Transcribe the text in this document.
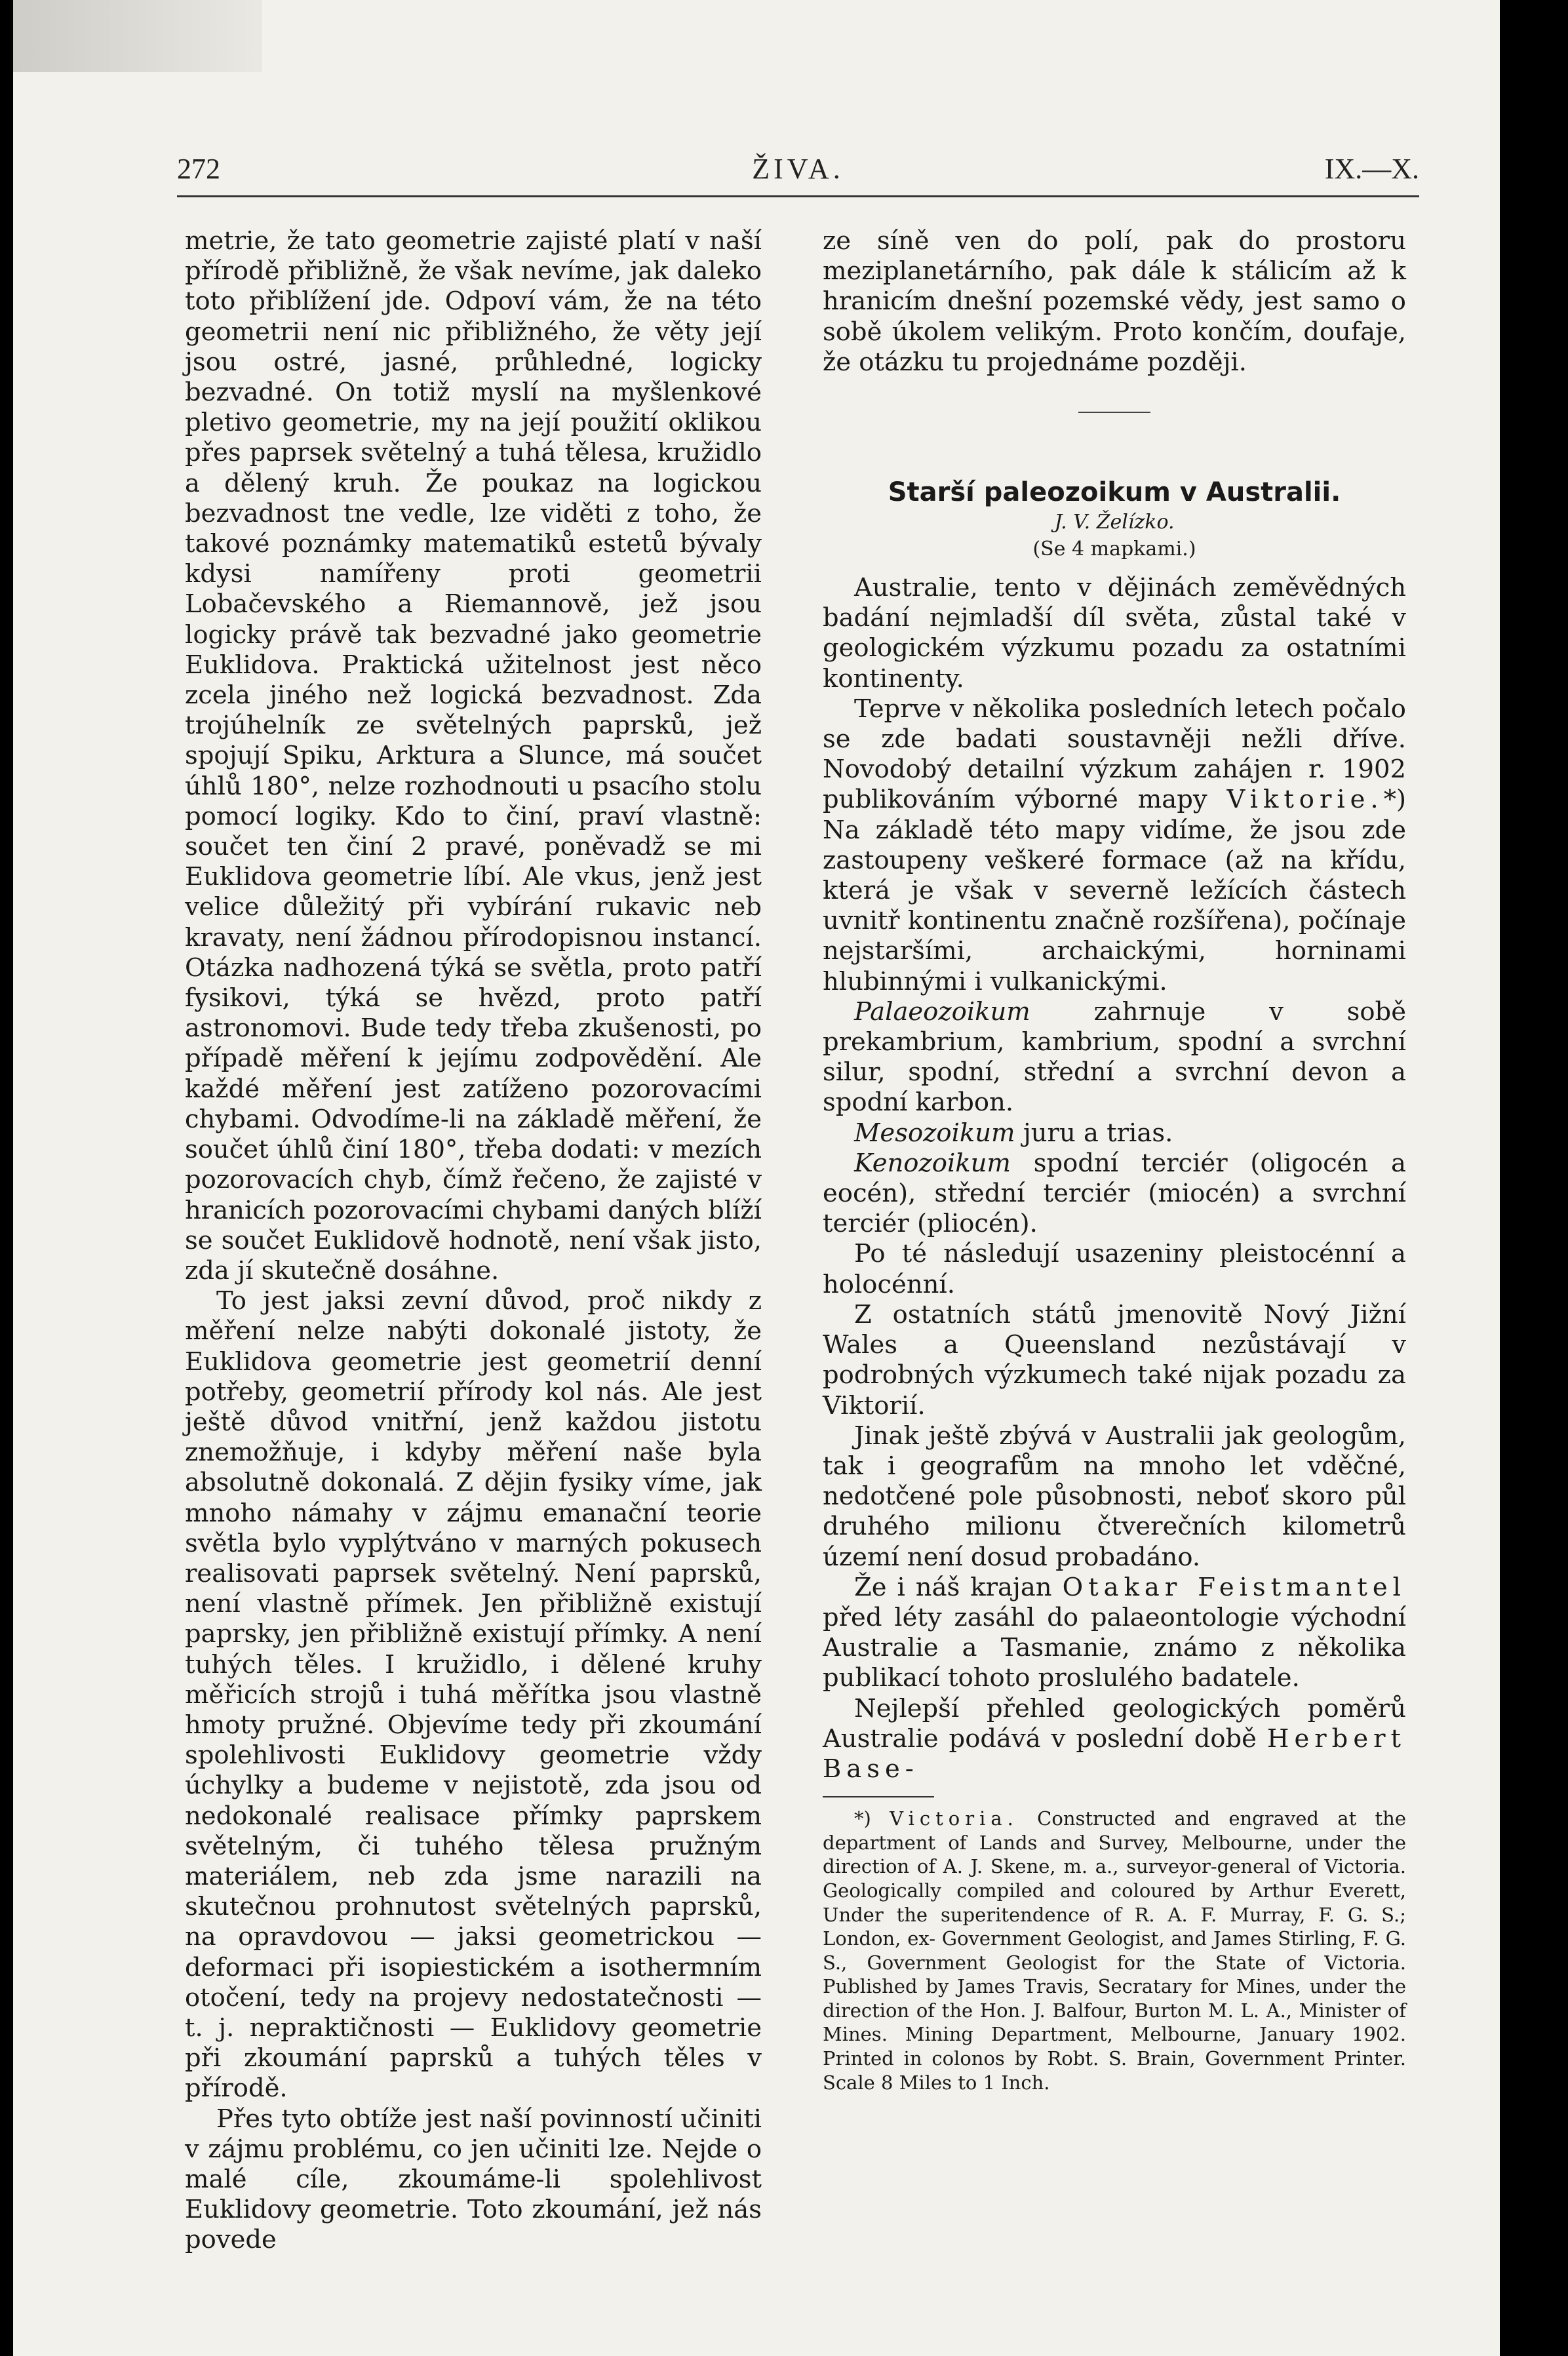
272	ŽIVA.	IX.—X.

metrie, že tato geometrie zajisté platí v naší přírodě přibližně, že však nevíme, jak daleko toto přiblížení jde. Odpoví vám, že na této geometrii není nic přibližného, že věty její jsou ostré, jasné, průhledné, logicky bezvadné. On totiž myslí na myšlenkové pletivo geometrie, my na její použití oklikou přes paprsek světelný a tuhá tělesa, kružidlo a dělený kruh. Že poukaz na logickou bezvadnost tne vedle, lze viděti z toho, že takové poznámky matematiků estetů bývaly kdysi namířeny proti geometrii Lobačevského a Riemannově, jež jsou logicky právě tak bezvadné jako geometrie Euklidova. Praktická užitelnost jest něco zcela jiného než logická bezvadnost. Zda trojúhelník ze světelných paprsků, jež spojují Spiku, Arktura a Slunce, má součet úhlů 180°, nelze rozhodnouti u psacího stolu pomocí logiky. Kdo to činí, praví vlastně: součet ten činí 2 pravé, poněvadž se mi Euklidova geometrie líbí. Ale vkus, jenž jest velice důležitý při vybírání rukavic neb kravaty, není žádnou přírodopisnou instancí. Otázka nadhozená týká se světla, proto patří fysikovi, týká se hvězd, proto patří astronomovi. Bude tedy třeba zkušenosti, po případě měření k jejímu zodpovědění. Ale každé měření jest zatíženo pozorovacími chybami. Odvodíme-li na základě měření, že součet úhlů činí 180°, třeba dodati: v mezích pozorovacích chyb, čímž řečeno, že zajisté v hranicích pozorovacími chybami daných blíží se součet Euklidově hodnotě, není však jisto, zda jí skutečně dosáhne.

To jest jaksi zevní důvod, proč nikdy z měření nelze nabýti dokonalé jistoty, že Euklidova geometrie jest geometrií denní potřeby, geometrií přírody kol nás. Ale jest ještě důvod vnitřní, jenž každou jistotu znemožňuje, i kdyby měření naše byla absolutně dokonalá. Z dějin fysiky víme, jak mnoho námahy v zájmu emanační teorie světla bylo vyplýtváno v marných pokusech realisovati paprsek světelný. Není paprsků, není vlastně přímek. Jen přibližně existují paprsky, jen přibližně existují přímky. A není tuhých těles. I kružidlo, i dělené kruhy měřicích strojů i tuhá měřítka jsou vlastně hmoty pružné. Objevíme tedy při zkoumání spolehlivosti Euklidovy geometrie vždy úchylky a budeme v nejistotě, zda jsou od nedokonalé realisace přímky paprskem světelným, či tuhého tělesa pružným materiálem, neb zda jsme narazili na skutečnou prohnutost světelných paprsků, na opravdovou — jaksi geometrickou — deformaci při isopiestickém a isothermním otočení, tedy na projevy nedostatečnosti — t. j. nepraktičnosti — Euklidovy geometrie při zkoumání paprsků a tuhých těles v přírodě.

Přes tyto obtíže jest naší povinností učiniti v zájmu problému, co jen učiniti lze. Nejde o malé cíle, zkoumáme-li spolehlivost Euklidovy geometrie. Toto zkoumání, jež nás povede

ze síně ven do polí, pak do prostoru meziplanetárního, pak dále k stálicím až k hranicím dnešní pozemské vědy, jest samo o sobě úkolem velikým. Proto končím, doufaje, že otázku tu projednáme později.

Starší paleozoikum v Australii.
J. V. Želízko.
(Se 4 mapkami.)

Australie, tento v dějinách zeměvědných badání nejmladší díl světa, zůstal také v geologickém výzkumu pozadu za ostatními kontinenty.

Teprve v několika posledních letech počalo se zde badati soustavněji nežli dříve. Novodobý detailní výzkum zahájen r. 1902 publikováním výborné mapy Viktorie.*) Na základě této mapy vidíme, že jsou zde zastoupeny veškeré formace (až na křídu, která je však v severně ležících částech uvnitř kontinentu značně rozšířena), počínaje nejstaršími, archaickými, horninami hlubinnými i vulkanickými.

Palaeozoikum	zahrnuje v sobě prekambrium, kambrium, spodní a svrchní silur, spodní, střední a svrchní devon a spodní karbon.

Mesozoikum juru a trias.

Kenozoikum spodní terciér (oligocén a eocén), střední terciér (miocén) a svrchní terciér (pliocén).

Po té následují usazeniny pleistocénní a holocénní.

Z ostatních států jmenovitě Nový Jižní Wales a Queensland nezůstávají v podrobných výzkumech také nijak pozadu za Viktorií.

Jinak ještě zbývá v Australii jak geologům, tak i geografům na mnoho let vděčné, nedotčené pole působnosti, neboť skoro půl druhého milionu čtverečních kilometrů území není dosud probadáno.

Že i náš krajan Otakar Feistmantel před léty zasáhl do palaeontologie východní Australie a Tasmanie, známo z několika publikací tohoto proslulého badatele.

Nejlepší přehled geologických poměrů Australie podává v poslední době Herbert Base-

*) Victoria. Constructed and engraved at the department of Lands and Survey, Melbourne, under the direction of A. J. Skene, m. a., surveyor-general of Victoria. Geologically compiled and coloured by Arthur Everett, Under the superitendence of R. A. F. Murray, F. G. S.; London, ex- Government Geologist, and James Stirling, F. G. S., Government Geologist for the State of Victoria. Published by James Travis, Secratary for Mines, under the direction of the Hon. J. Balfour, Burton M. L. A., Minister of Mines. Mining Department, Melbourne, January 1902. Printed in colonos by Robt. S. Brain, Government Printer. Scale 8 Miles to 1 Inch.
